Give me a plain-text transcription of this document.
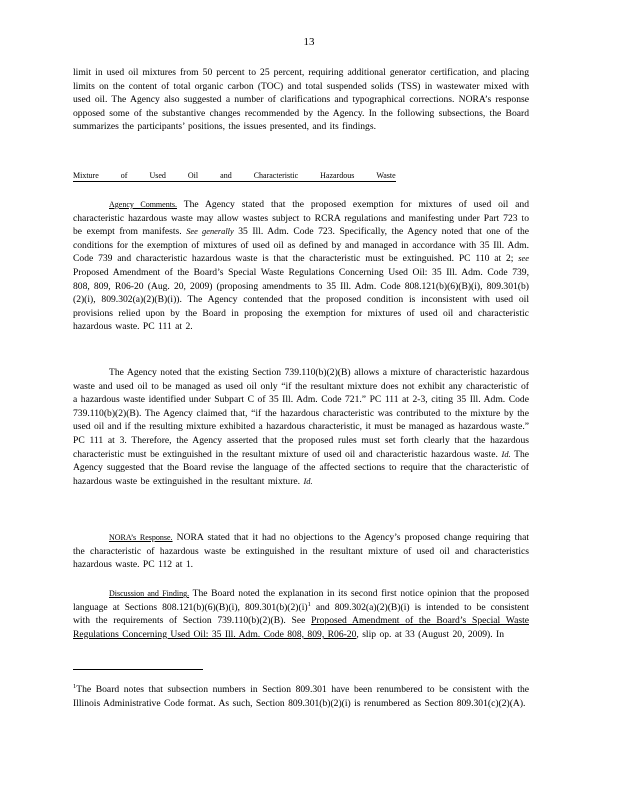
13

limit in used oil mixtures from 50 percent to 25 percent, requiring additional generator certification, and placing limits on the content of total organic carbon (TOC) and total suspended solids (TSS) in wastewater mixed with used oil. The Agency also suggested a number of clarifications and typographical corrections. NORA’s response opposed some of the substantive changes recommended by the Agency. In the following subsections, the Board summarizes the participants’ positions, the issues presented, and its findings.

Mixture	of	Used	Oil	and	Characteristic	Hazardous	Waste

Agency Comments. The Agency stated that the proposed exemption for mixtures of used oil and characteristic hazardous waste may allow wastes subject to RCRA regulations and manifesting under Part 723 to be exempt from manifests. See generally 35 Ill. Adm. Code 723. Specifically, the Agency noted that one of the conditions for the exemption of mixtures of used oil as defined by and managed in accordance with 35 Ill. Adm. Code 739 and characteristic hazardous waste is that the characteristic must be extinguished. PC 110 at 2; see Proposed Amendment of the Board’s Special Waste Regulations Concerning Used Oil: 35 Ill. Adm. Code 739, 808, 809, R06-20 (Aug. 20, 2009) (proposing amendments to 35 Ill. Adm. Code 808.121(b)(6)(B)(i), 809.301(b)(2)(i), 809.302(a)(2)(B)(i)). The Agency contended that the proposed condition is inconsistent with used oil provisions relied upon by the Board in proposing the exemption for mixtures of used oil and characteristic hazardous waste. PC 111 at 2.

The Agency noted that the existing Section 739.110(b)(2)(B) allows a mixture of characteristic hazardous waste and used oil to be managed as used oil only “if the resultant mixture does not exhibit any characteristic of a hazardous waste identified under Subpart C of 35 Ill. Adm. Code 721.” PC 111 at 2-3, citing 35 Ill. Adm. Code 739.110(b)(2)(B). The Agency claimed that, “if the hazardous characteristic was contributed to the mixture by the used oil and if the resulting mixture exhibited a hazardous characteristic, it must be managed as hazardous waste.” PC 111 at 3. Therefore, the Agency asserted that the proposed rules must set forth clearly that the hazardous characteristic must be extinguished in the resultant mixture of used oil and characteristic hazardous waste. Id. The Agency suggested that the Board revise the language of the affected sections to require that the characteristic of hazardous waste be extinguished in the resultant mixture. Id.

NORA’s Response. NORA stated that it had no objections to the Agency’s proposed change requiring that the characteristic of hazardous waste be extinguished in the resultant mixture of used oil and characteristics hazardous waste. PC 112 at 1.

Discussion and Finding. The Board noted the explanation in its second first notice opinion that the proposed language at Sections 808.121(b)(6)(B)(i), $809.301(b)(2)(i)^1$ and 809.302(a)(2)(B)(i) is intended to be consistent with the requirements of Section 739.110(b)(2)(B). See Proposed Amendment of the Board’s Special Waste Regulations Concerning Used Oil: 35 Ill. Adm. Code 808, 809, R06-20, slip op. at 33 (August 20, 2009). In

$^1$The Board notes that subsection numbers in Section 809.301 have been renumbered to be consistent with the Illinois Administrative Code format. As such, Section 809.301(b)(2)(i) is renumbered as Section 809.301(c)(2)(A).
